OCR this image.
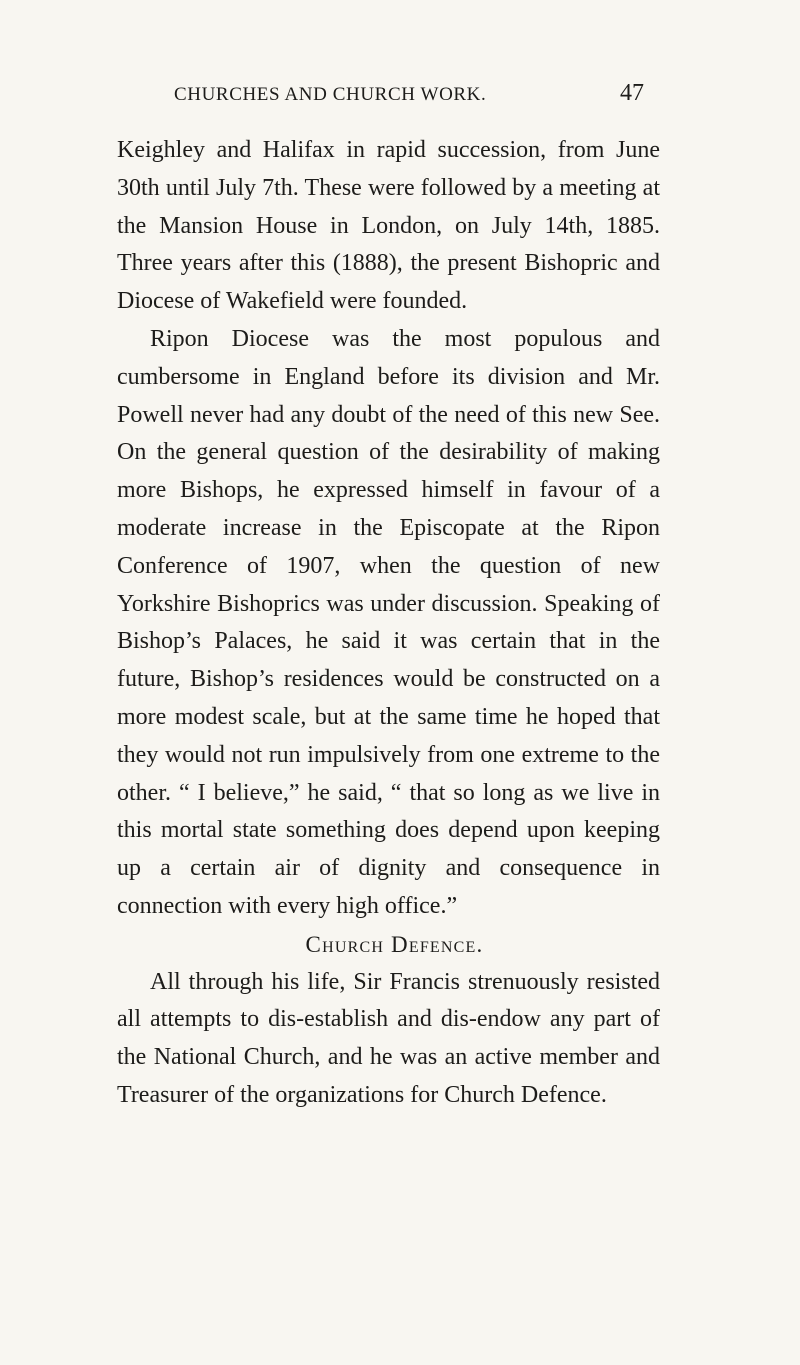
CHURCHES AND CHURCH WORK.	47

Keighley and Halifax in rapid succession, from June 30th until July 7th. These were followed by a meeting at the Mansion House in London, on July 14th, 1885. Three years after this (1888), the present Bishopric and Diocese of Wakefield were founded.

Ripon Diocese was the most populous and cumbersome in England before its division and Mr. Powell never had any doubt of the need of this new See. On the general question of the desirability of making more Bishops, he expressed himself in favour of a moderate increase in the Episcopate at the Ripon Conference of 1907, when the question of new Yorkshire Bishoprics was under discussion. Speaking of Bishop’s Palaces, he said it was certain that in the future, Bishop’s residences would be constructed on a more modest scale, but at the same time he hoped that they would not run impulsively from one extreme to the other. “ I believe,” he said, “ that so long as we live in this mortal state something does depend upon keeping up a certain air of dignity and consequence in connection with every high office.”

Church Defence.

All through his life, Sir Francis strenuously resisted all attempts to dis-establish and dis-endow any part of the National Church, and he was an active member and Treasurer of the organizations for Church Defence.
